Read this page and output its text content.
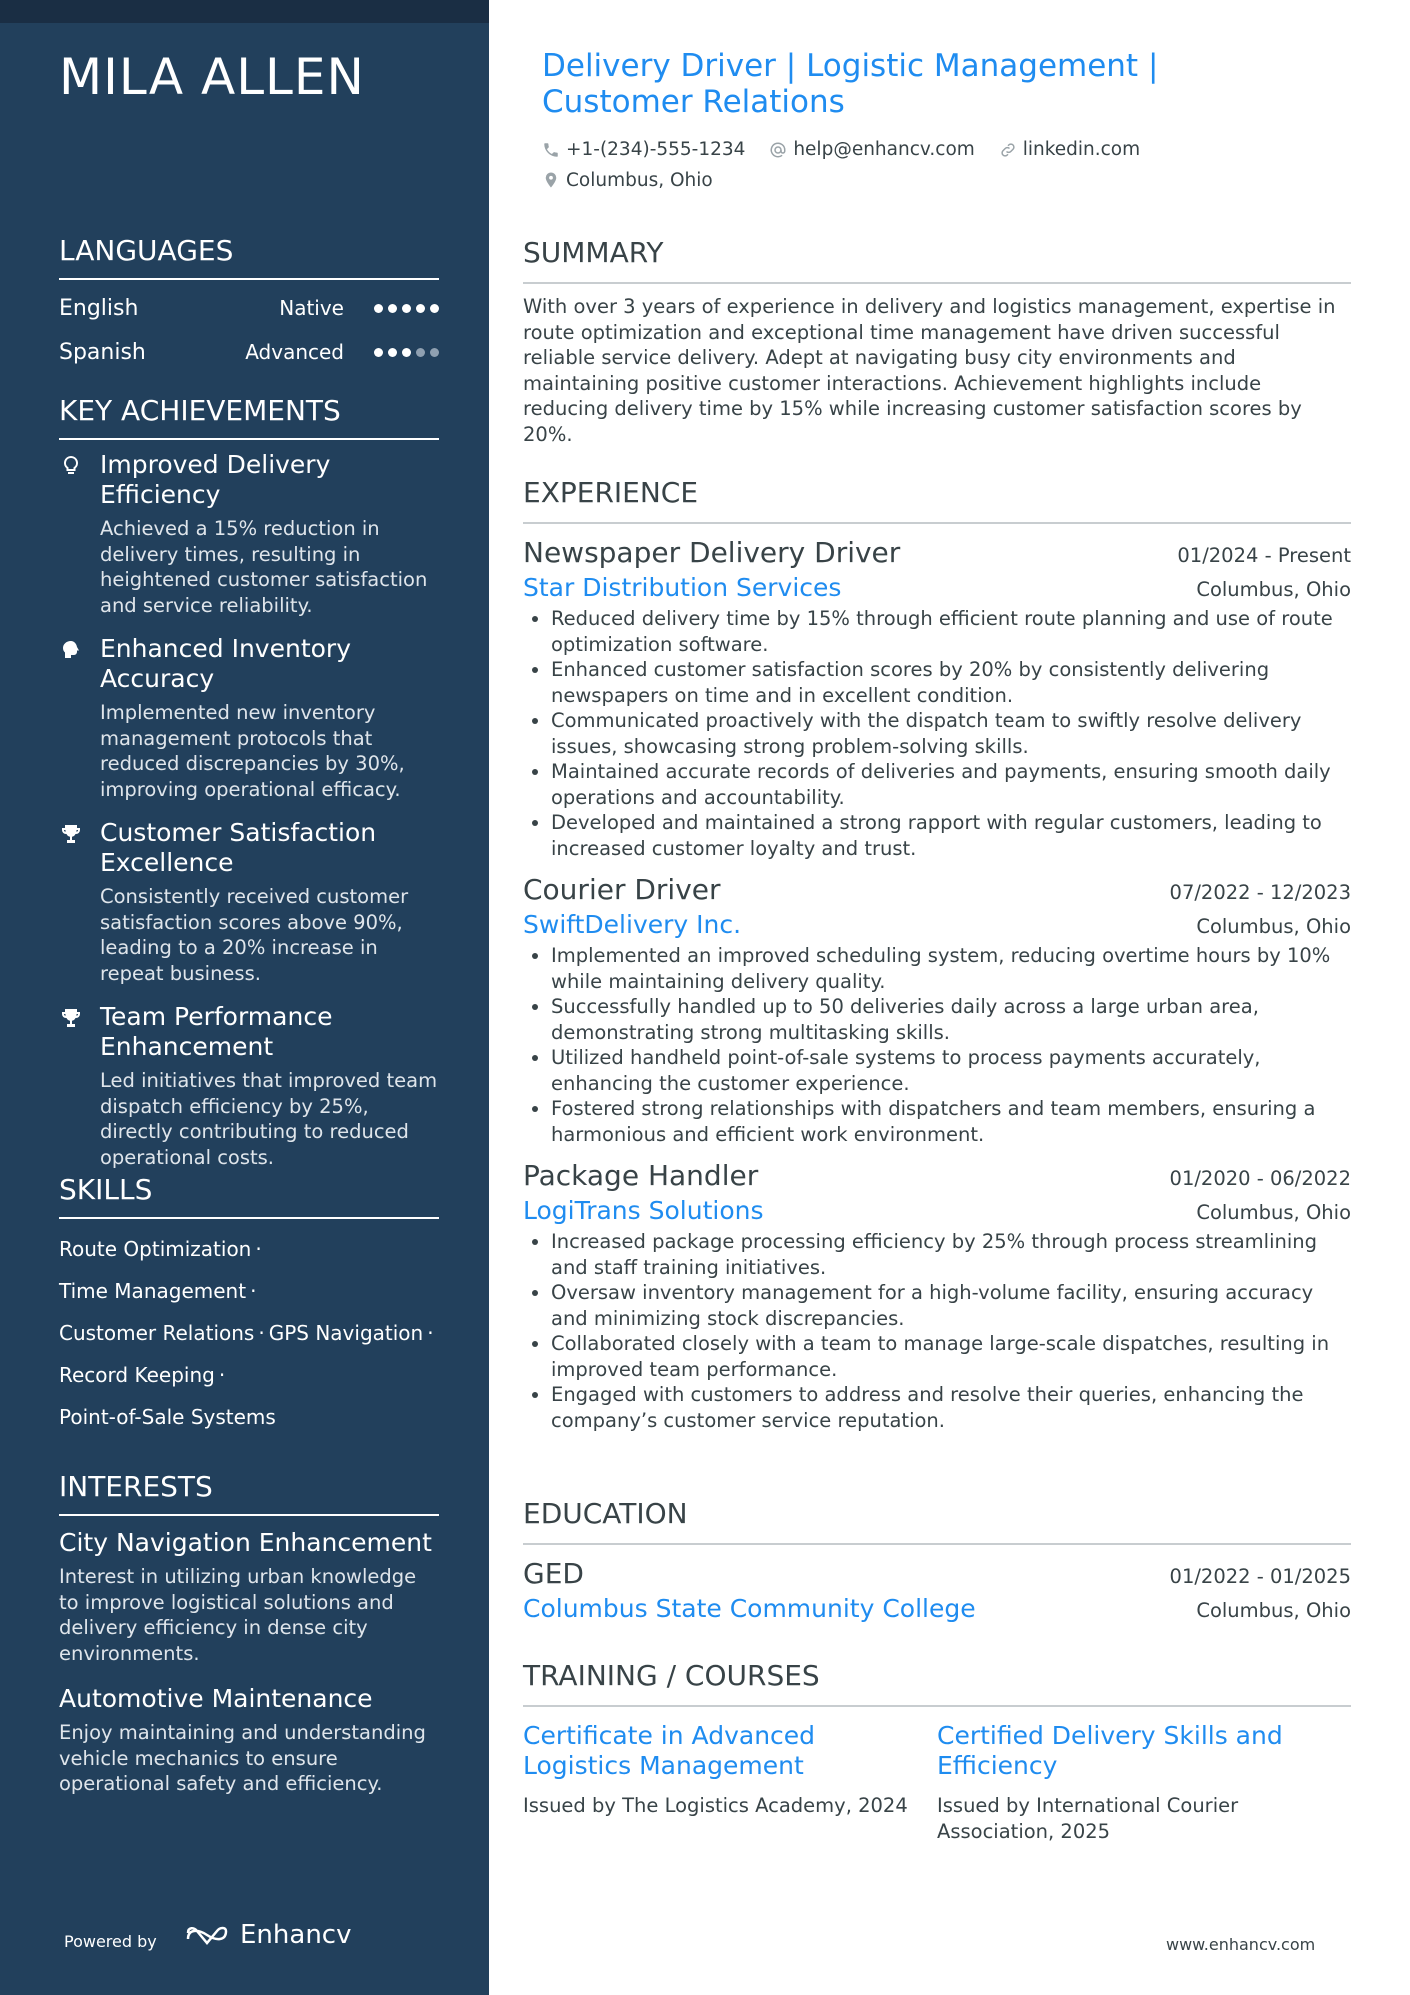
MILA ALLEN
LANGUAGES
English	Native
Spanish	Advanced
KEY ACHIEVEMENTS
Improved Delivery Efficiency
Achieved a 15% reduction in delivery times, resulting in heightened customer satisfaction and service reliability.
Enhanced Inventory Accuracy
Implemented new inventory management protocols that reduced discrepancies by 30%, improving operational efficacy.
Customer Satisfaction Excellence
Consistently received customer satisfaction scores above 90%, leading to a 20% increase in repeat business.
Team Performance Enhancement
Led initiatives that improved team dispatch efficiency by 25%, directly contributing to reduced operational costs.
SKILLS
Route Optimization ·
Time Management ·
Customer Relations · GPS Navigation ·
Record Keeping ·
Point-of-Sale Systems
INTERESTS
City Navigation Enhancement
Interest in utilizing urban knowledge to improve logistical solutions and delivery efficiency in dense city environments.
Automotive Maintenance
Enjoy maintaining and understanding vehicle mechanics to ensure operational safety and efficiency.
Powered by	Enhancv
Delivery Driver | Logistic Management | Customer Relations
+1-(234)-555-1234
	help@enhancv.com
	linkedin.com

Columbus, Ohio
SUMMARY
With over 3 years of experience in delivery and logistics management, expertise in route optimization and exceptional time management have driven successful reliable service delivery. Adept at navigating busy city environments and maintaining positive customer interactions. Achievement highlights include reducing delivery time by 15% while increasing customer satisfaction scores by 20%.
EXPERIENCE
Newspaper Delivery Driver	01/2024 - Present
Star Distribution Services	Columbus, Ohio
• Reduced delivery time by 15% through efficient route planning and use of route optimization software.
• Enhanced customer satisfaction scores by 20% by consistently delivering newspapers on time and in excellent condition.
• Communicated proactively with the dispatch team to swiftly resolve delivery issues, showcasing strong problem-solving skills.
• Maintained accurate records of deliveries and payments, ensuring smooth daily operations and accountability.
• Developed and maintained a strong rapport with regular customers, leading to increased customer loyalty and trust.
Courier Driver	07/2022 - 12/2023
SwiftDelivery Inc.	Columbus, Ohio
• Implemented an improved scheduling system, reducing overtime hours by 10% while maintaining delivery quality.
• Successfully handled up to 50 deliveries daily across a large urban area, demonstrating strong multitasking skills.
• Utilized handheld point-of-sale systems to process payments accurately, enhancing the customer experience.
• Fostered strong relationships with dispatchers and team members, ensuring a harmonious and efficient work environment.
Package Handler	01/2020 - 06/2022
LogiTrans Solutions	Columbus, Ohio
• Increased package processing efficiency by 25% through process streamlining and staff training initiatives.
• Oversaw inventory management for a high-volume facility, ensuring accuracy and minimizing stock discrepancies.
• Collaborated closely with a team to manage large-scale dispatches, resulting in improved team performance.
• Engaged with customers to address and resolve their queries, enhancing the company’s customer service reputation.
EDUCATION
GED	01/2022 - 01/2025
Columbus State Community College	Columbus, Ohio
TRAINING / COURSES
Certificate in Advanced Logistics Management
Issued by The Logistics Academy, 2024
Certified Delivery Skills and Efficiency
Issued by International Courier Association, 2025
www.enhancv.com
